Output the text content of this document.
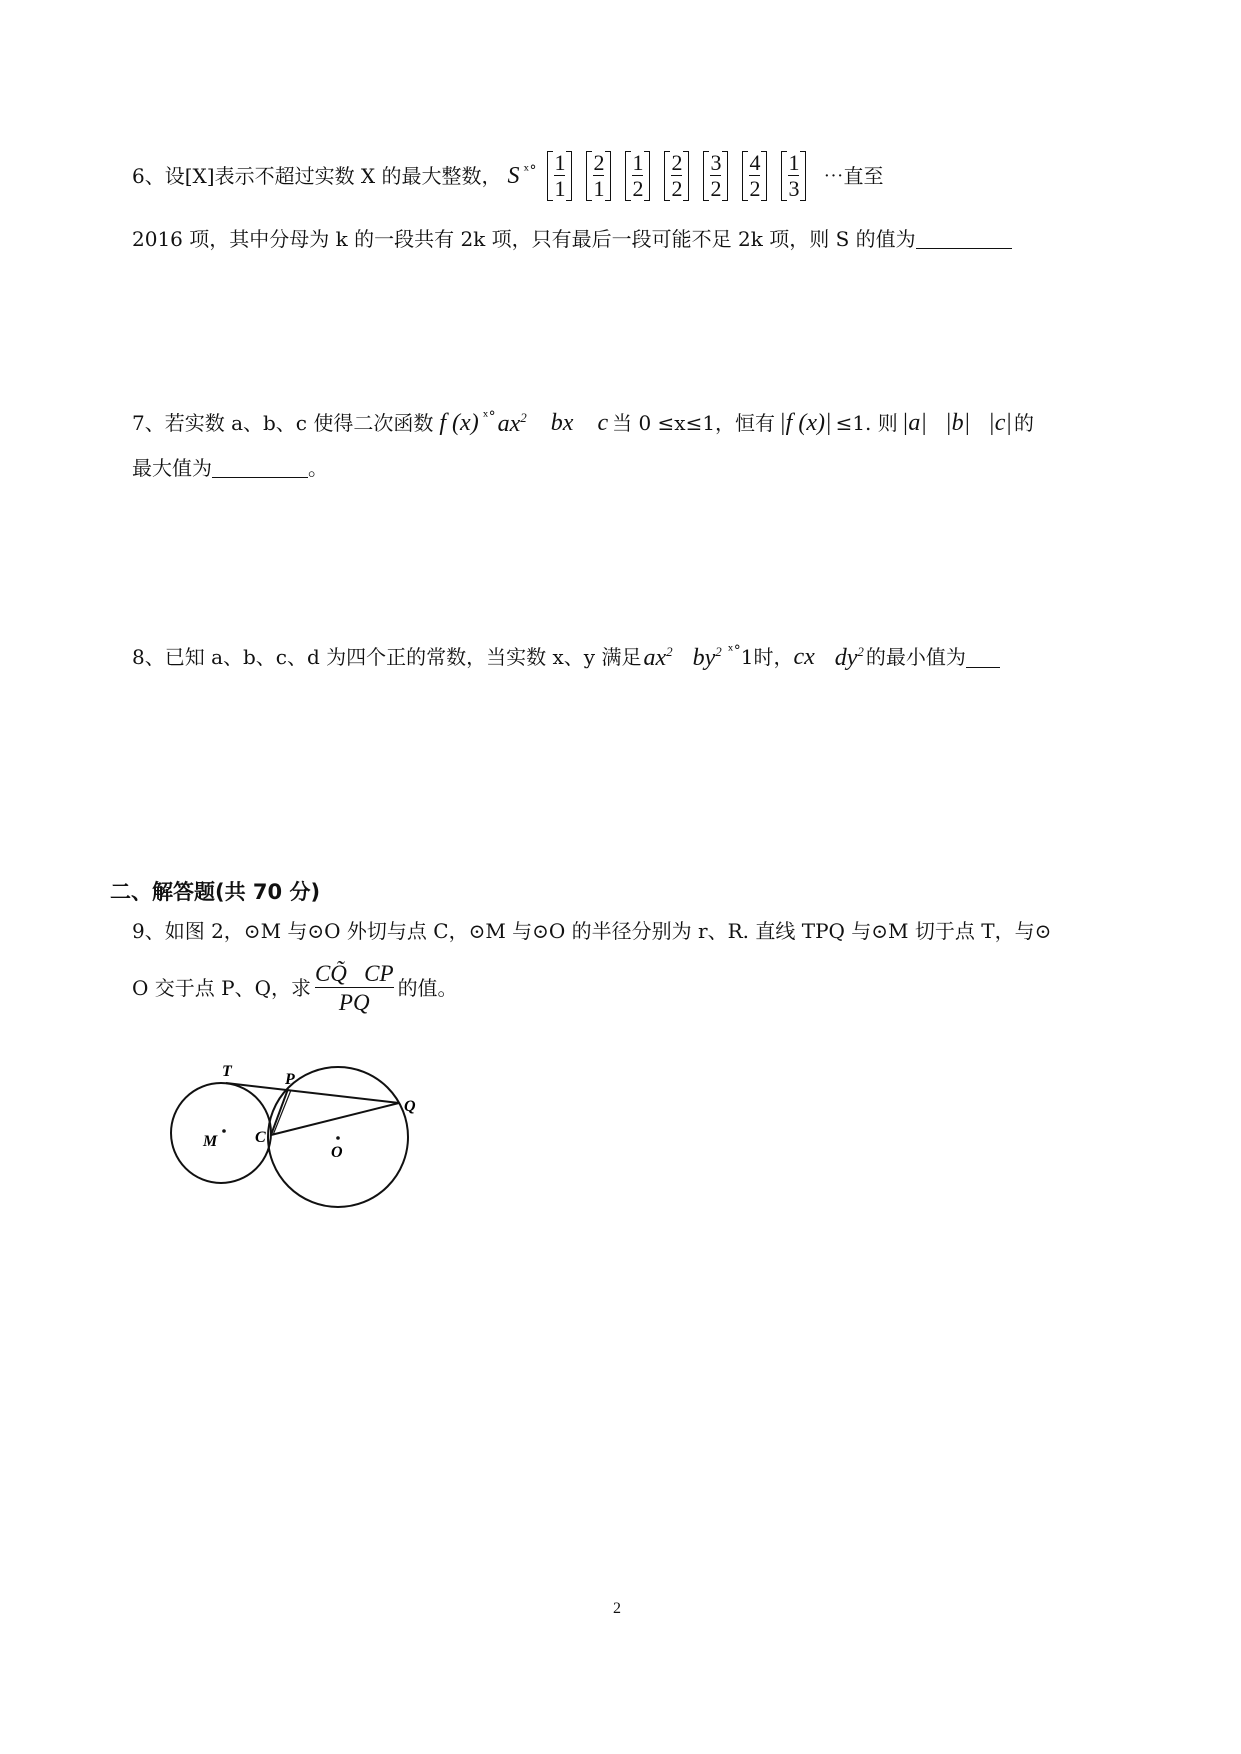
6、设[X]表示不超过实数 X 的最大整数， S ˣ° $\frac{1}{1} \frac{2}{1} \frac{1}{2} \frac{2}{2} \frac{3}{2} \frac{4}{2} \frac{1}{3}$ ⋯直至
2016 项，其中分母为 k 的一段共有 2k 项，只有最后一段可能不足 2k 项，则 S 的值为
7、若实数 a、b、c 使得二次函数 f (x) ˣ° $ax^2$ bx c 当 0 ≤x≤1，恒有 |f (x)| ≤1. 则 |a| |b| |c| 的
最大值为	。
8、已知 a、b、c、d 为四个正的常数，当实数 x、y 满足 $ax^2$ $by^2$ ˣ° 1 时， cx $dy^2$ 的最小值为
二、解答题(共 70 分)
9、如图 2，⊙M 与⊙O 外切与点 C，⊙M 与⊙O 的半径分别为 r、R. 直线 TPQ 与⊙M 切于点 T，与⊙
O 交于点 P、Q，求 $\frac{CQ̃ CP}{PQ}$ 的值。
T	P
Q
M C
O
2
